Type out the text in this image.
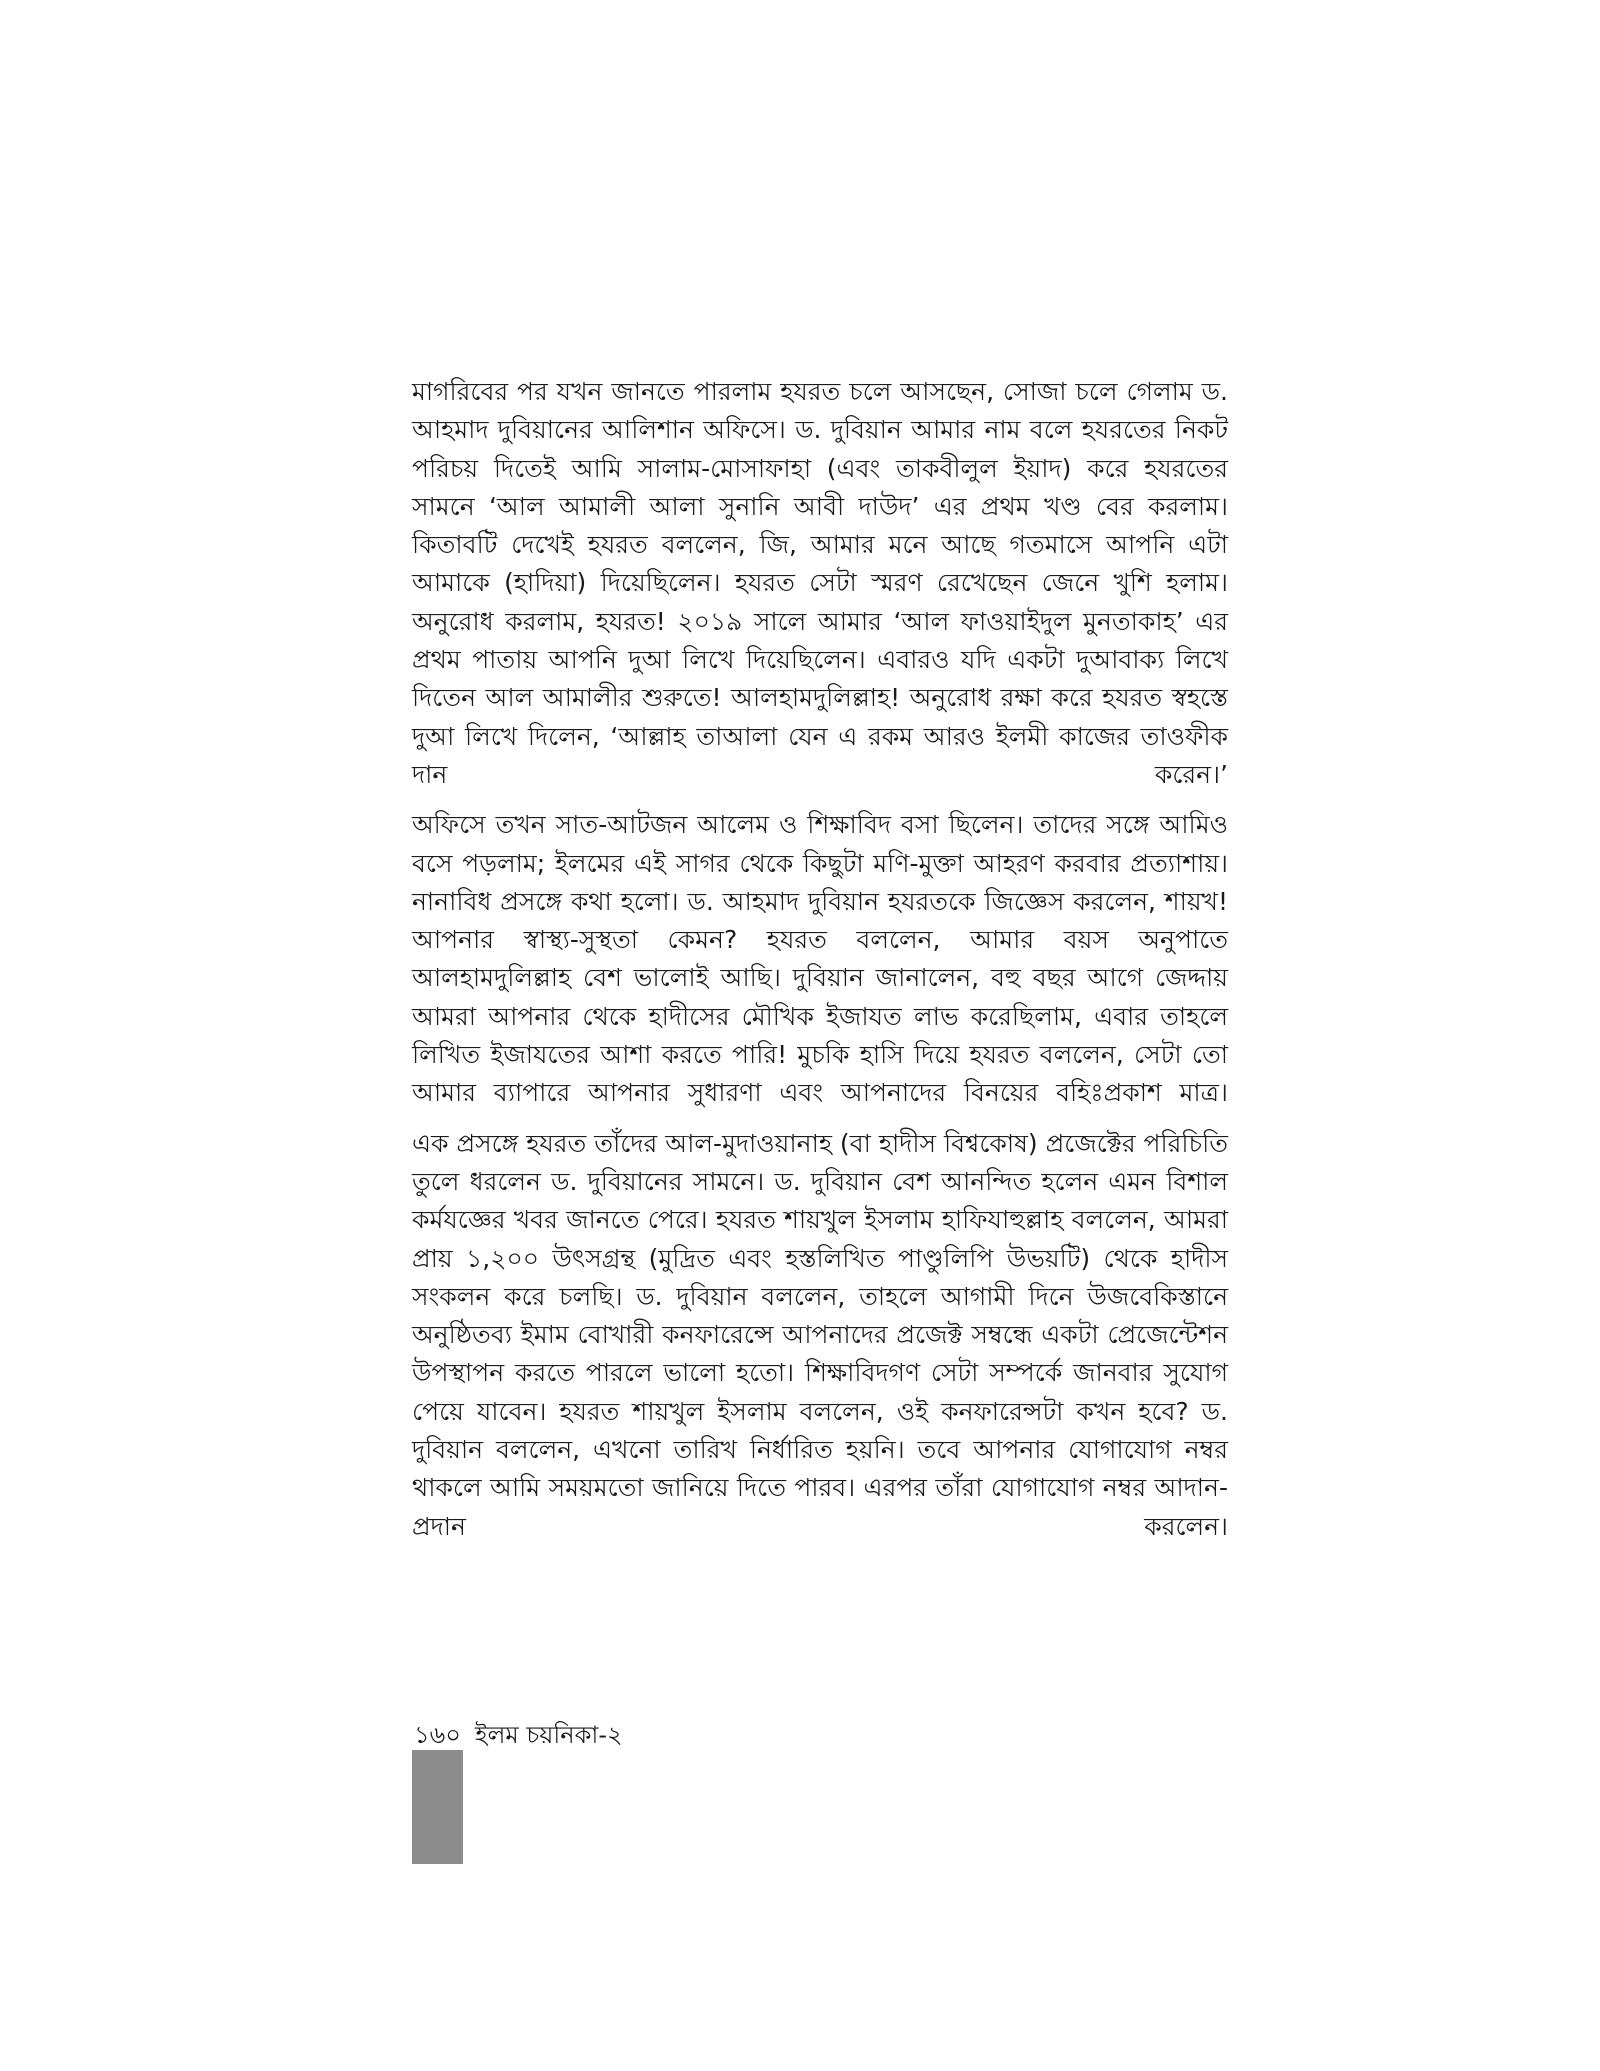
মাগরিবের পর যখন জানতে পারলাম হযরত চলে আসছেন, সোজা চলে গেলাম ড. আহমাদ দুবিয়ানের আলিশান অফিসে। ড. দুবিয়ান আমার নাম বলে হযরতের নিকট পরিচয় দিতেই আমি সালাম-মোসাফাহা (এবং তাকবীলুল ইয়াদ) করে হযরতের সামনে ‘আল আমালী আলা সুনানি আবী দাউদ’ এর প্রথম খণ্ড বের করলাম। কিতাবটি দেখেই হযরত বললেন, জি, আমার মনে আছে গতমাসে আপনি এটা আমাকে (হাদিয়া) দিয়েছিলেন। হযরত সেটা স্মরণ রেখেছেন জেনে খুশি হলাম। অনুরোধ করলাম, হযরত! ২০১৯ সালে আমার ‘আল ফাওয়াইদুল মুনতাকাহ’ এর প্রথম পাতায় আপনি দুআ লিখে দিয়েছিলেন। এবারও যদি একটা দুআবাক্য লিখে দিতেন আল আমালীর শুরুতে! আলহামদুলিল্লাহ! অনুরোধ রক্ষা করে হযরত স্বহস্তে দুআ লিখে দিলেন, ‘আল্লাহ তাআলা যেন এ রকম আরও ইলমী কাজের তাওফীক দান করেন।’

অফিসে তখন সাত-আটজন আলেম ও শিক্ষাবিদ বসা ছিলেন। তাদের সঙ্গে আমিও বসে পড়লাম; ইলমের এই সাগর থেকে কিছুটা মণি-মুক্তা আহরণ করবার প্রত্যাশায়। নানাবিধ প্রসঙ্গে কথা হলো। ড. আহমাদ দুবিয়ান হযরতকে জিজ্ঞেস করলেন, শায়খ! আপনার স্বাস্থ্য-সুস্থতা কেমন? হযরত বললেন, আমার বয়স অনুপাতে আলহামদুলিল্লাহ বেশ ভালোই আছি। দুবিয়ান জানালেন, বহু বছর আগে জেদ্দায় আমরা আপনার থেকে হাদীসের মৌখিক ইজাযত লাভ করেছিলাম, এবার তাহলে লিখিত ইজাযতের আশা করতে পারি! মুচকি হাসি দিয়ে হযরত বললেন, সেটা তো আমার ব্যাপারে আপনার সুধারণা এবং আপনাদের বিনয়ের বহিঃপ্রকাশ মাত্র।

এক প্রসঙ্গে হযরত তাঁদের আল-মুদাওয়ানাহ (বা হাদীস বিশ্বকোষ) প্রজেক্টের পরিচিতি তুলে ধরলেন ড. দুবিয়ানের সামনে। ড. দুবিয়ান বেশ আনন্দিত হলেন এমন বিশাল কর্মযজ্ঞের খবর জানতে পেরে। হযরত শায়খুল ইসলাম হাফিযাহুল্লাহ বললেন, আমরা প্রায় ১,২০০ উৎসগ্রন্থ (মুদ্রিত এবং হস্তলিখিত পাণ্ডুলিপি উভয়টি) থেকে হাদীস সংকলন করে চলছি। ড. দুবিয়ান বললেন, তাহলে আগামী দিনে উজবেকিস্তানে অনুষ্ঠিতব্য ইমাম বোখারী কনফারেন্সে আপনাদের প্রজেক্ট সম্বন্ধে একটা প্রেজেন্টেশন উপস্থাপন করতে পারলে ভালো হতো। শিক্ষাবিদগণ সেটা সম্পর্কে জানবার সুযোগ পেয়ে যাবেন। হযরত শায়খুল ইসলাম বললেন, ওই কনফারেন্সটা কখন হবে? ড. দুবিয়ান বললেন, এখনো তারিখ নির্ধারিত হয়নি। তবে আপনার যোগাযোগ নম্বর থাকলে আমি সময়মতো জানিয়ে দিতে পারব। এরপর তাঁরা যোগাযোগ নম্বর আদান-প্রদান করলেন।

১৬০ ইলম চয়নিকা-২
